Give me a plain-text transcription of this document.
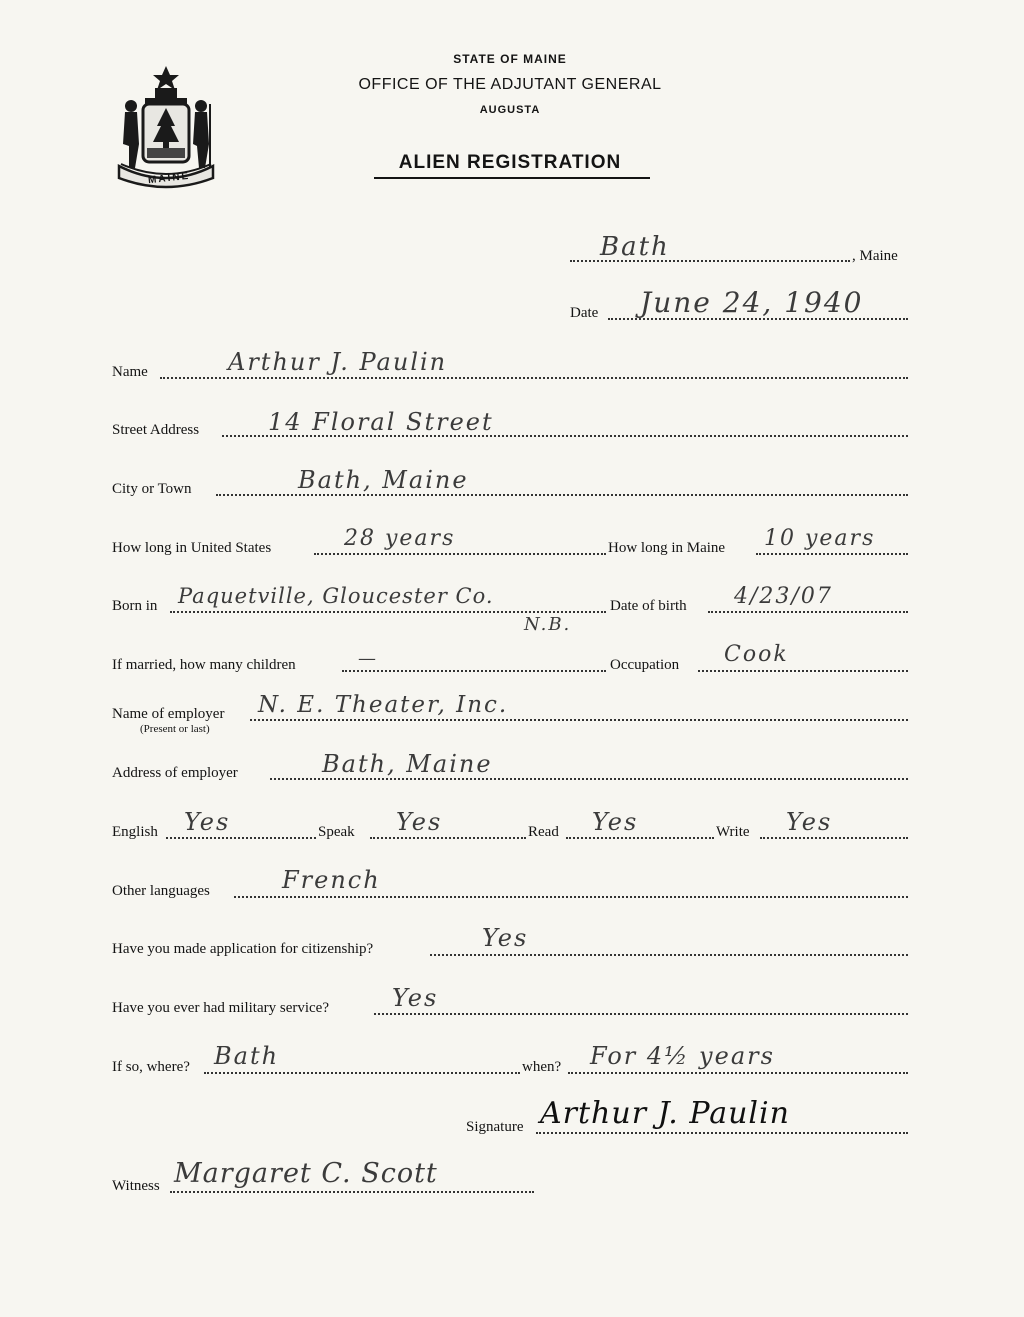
MAINE
STATE OF MAINE
OFFICE OF THE ADJUTANT GENERAL
AUGUSTA
ALIEN REGISTRATION
Bath	, Maine
Date June 24, 1940
Name	Arthur J. Paulin
Street Address	14 Floral Street
City or Town	Bath, Maine
How long in United States	28 years	How long in Maine 10 years
Born in Paquetville, Gloucester Co.
N.B.
Date of birth 4/23/07
If married, how many children	—	Occupation Cook
Name of employer
(Present or last)
N. E. Theater, Inc.
Address of employer	Bath, Maine
English Yes	Speak Yes	Read Yes	Write Yes
Other languages	French
Have you made application for citizenship?	Yes
Have you ever had military service?	Yes
If so, where? Bath	when? For 4½ years
Signature Arthur J. Paulin
Witness Margaret C. Scott
